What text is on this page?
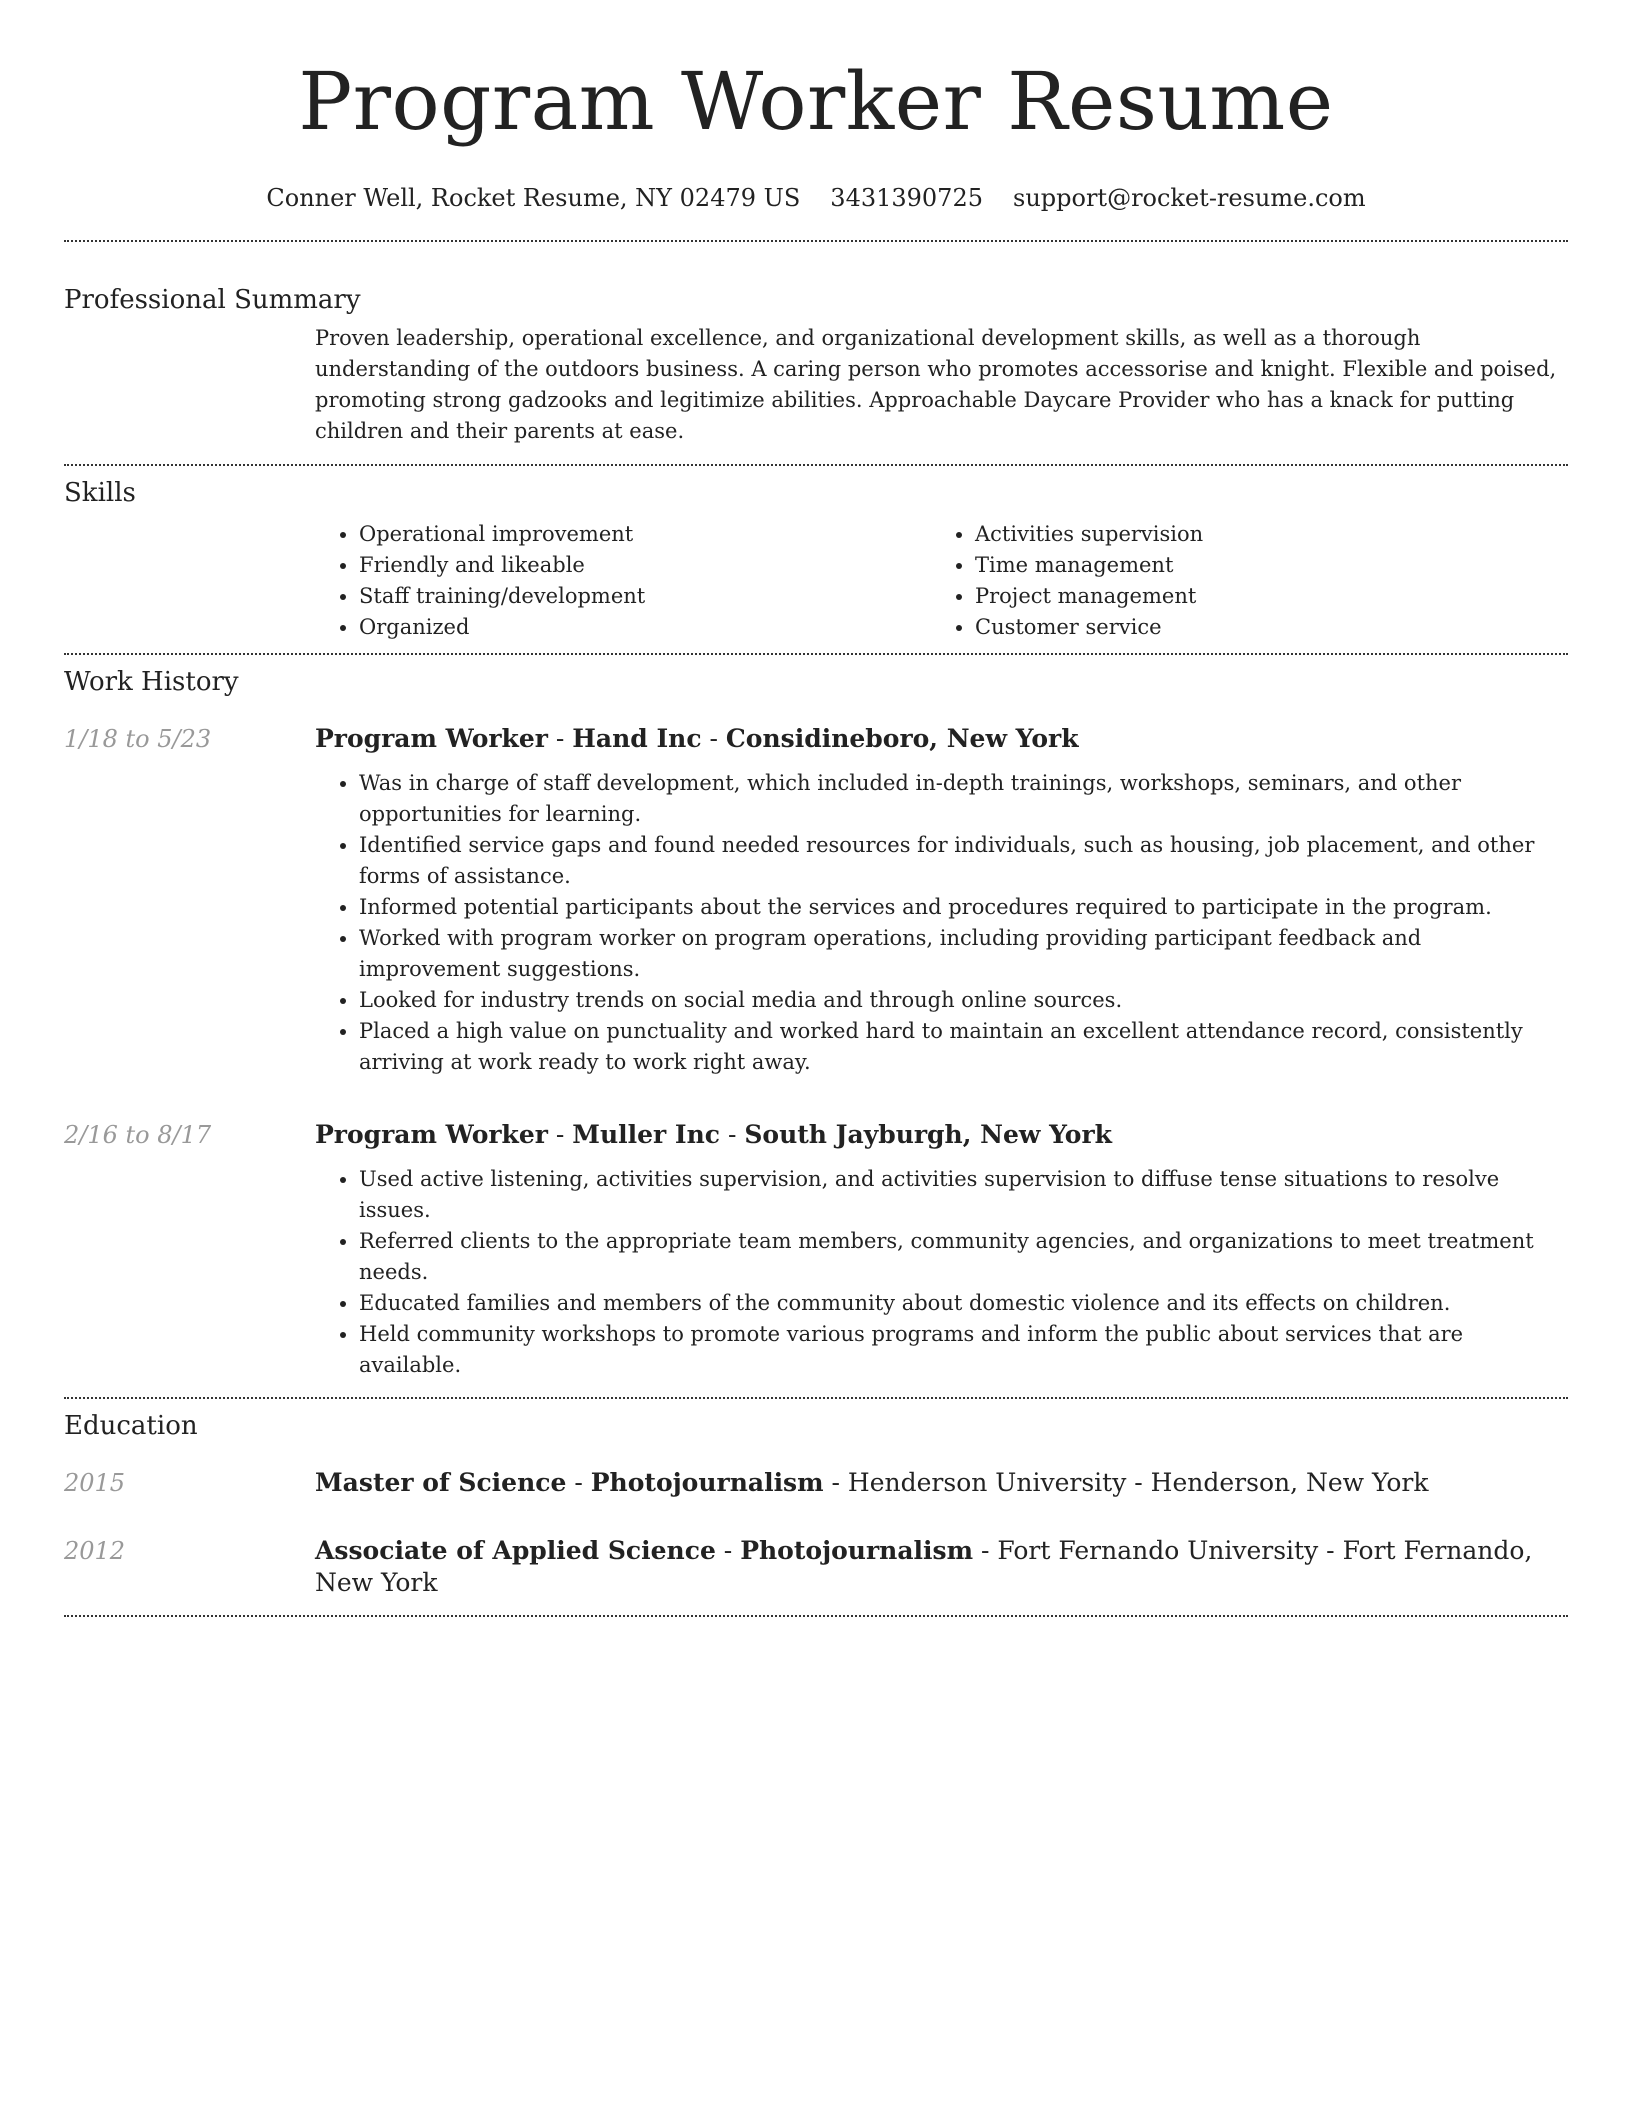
Program Worker Resume
Conner Well, Rocket Resume, NY 02479 US 3431390725 support@rocket-resume.com
Professional Summary

Proven leadership, operational excellence, and organizational development skills, as well as a thorough understanding of the outdoors business. A caring person who promotes accessorise and knight. Flexible and poised, promoting strong gadzooks and legitimize abilities. Approachable Daycare Provider who has a knack for putting children and their parents at ease.

Skills
• Operational improvement
• Friendly and likeable
• Staff training/development
• Organized
• Activities supervision
• Time management
• Project management
• Customer service
Work History
1/18 to 5/23	Program Worker - Hand Inc - Considineboro, New York
• Was in charge of staff development, which included in-depth trainings, workshops, seminars, and other opportunities for learning.
• Identified service gaps and found needed resources for individuals, such as housing, job placement, and other forms of assistance.
• Informed potential participants about the services and procedures required to participate in the program.
• Worked with program worker on program operations, including providing participant feedback and improvement suggestions.
• Looked for industry trends on social media and through online sources.
• Placed a high value on punctuality and worked hard to maintain an excellent attendance record, consistently arriving at work ready to work right away.
2/16 to 8/17	Program Worker - Muller Inc - South Jayburgh, New York
• Used active listening, activities supervision, and activities supervision to diffuse tense situations to resolve issues.
• Referred clients to the appropriate team members, community agencies, and organizations to meet treatment needs.
• Educated families and members of the community about domestic violence and its effects on children.
• Held community workshops to promote various programs and inform the public about services that are available.
Education
2015	Master of Science - Photojournalism - Henderson University - Henderson, New York
2012	Associate of Applied Science - Photojournalism - Fort Fernando University - Fort Fernando, New York
